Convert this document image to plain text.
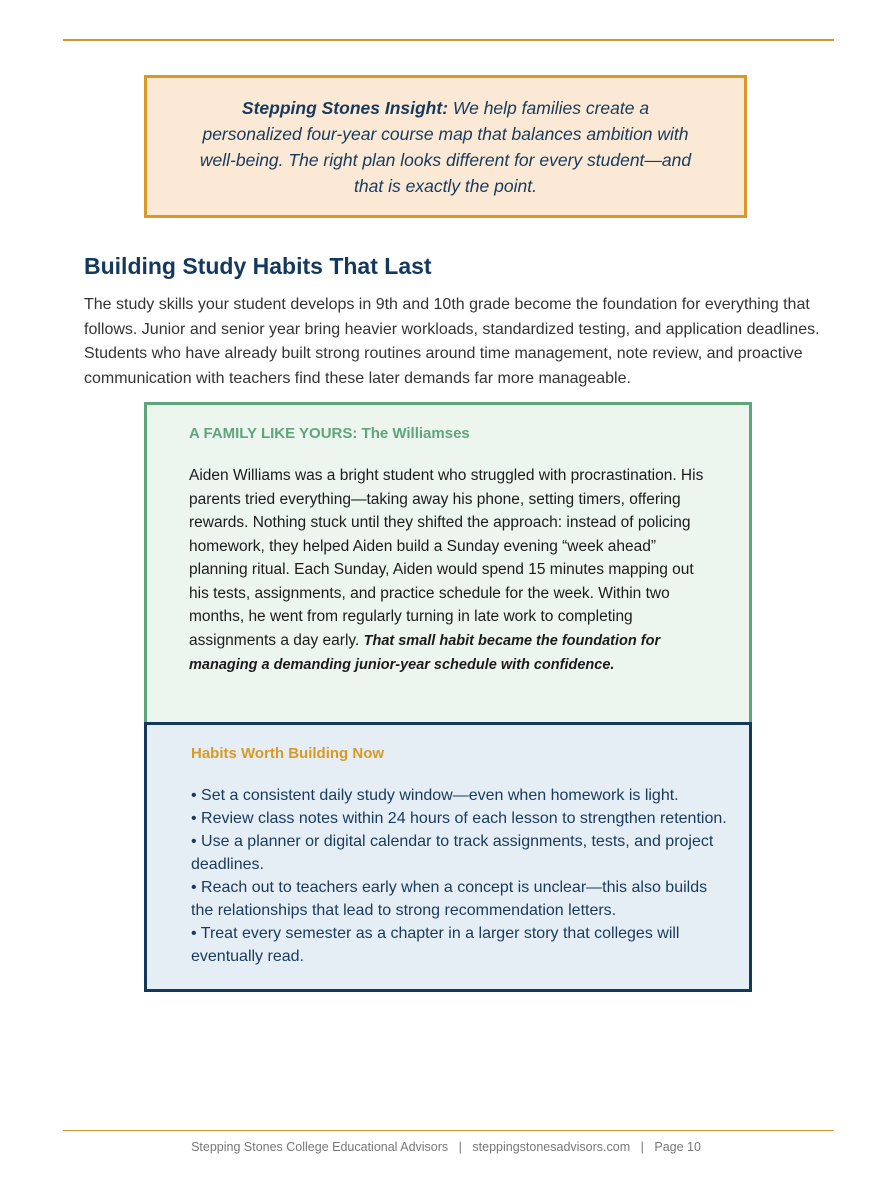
Stepping Stones Insight: We help families create a personalized four-year course map that balances ambition with well-being. The right plan looks different for every student—and that is exactly the point.

Building Study Habits That Last

The study skills your student develops in 9th and 10th grade become the foundation for everything that follows. Junior and senior year bring heavier workloads, standardized testing, and application deadlines. Students who have already built strong routines around time management, note review, and proactive communication with teachers find these later demands far more manageable.

A FAMILY LIKE YOURS: The Williamses

Aiden Williams was a bright student who struggled with procrastination. His parents tried everything—taking away his phone, setting timers, offering rewards. Nothing stuck until they shifted the approach: instead of policing homework, they helped Aiden build a Sunday evening “week ahead” planning ritual. Each Sunday, Aiden would spend 15 minutes mapping out his tests, assignments, and practice schedule for the week. Within two months, he went from regularly turning in late work to completing assignments a day early. That small habit became the foundation for managing a demanding junior-year schedule with confidence.

Habits Worth Building Now
• Set a consistent daily study window—even when homework is light.
• Review class notes within 24 hours of each lesson to strengthen retention.
• Use a planner or digital calendar to track assignments, tests, and project deadlines.
• Reach out to teachers early when a concept is unclear—this also builds the relationships that lead to strong recommendation letters.
• Treat every semester as a chapter in a larger story that colleges will eventually read.
Stepping Stones College Educational Advisors | steppingstonesadvisors.com | Page 10
